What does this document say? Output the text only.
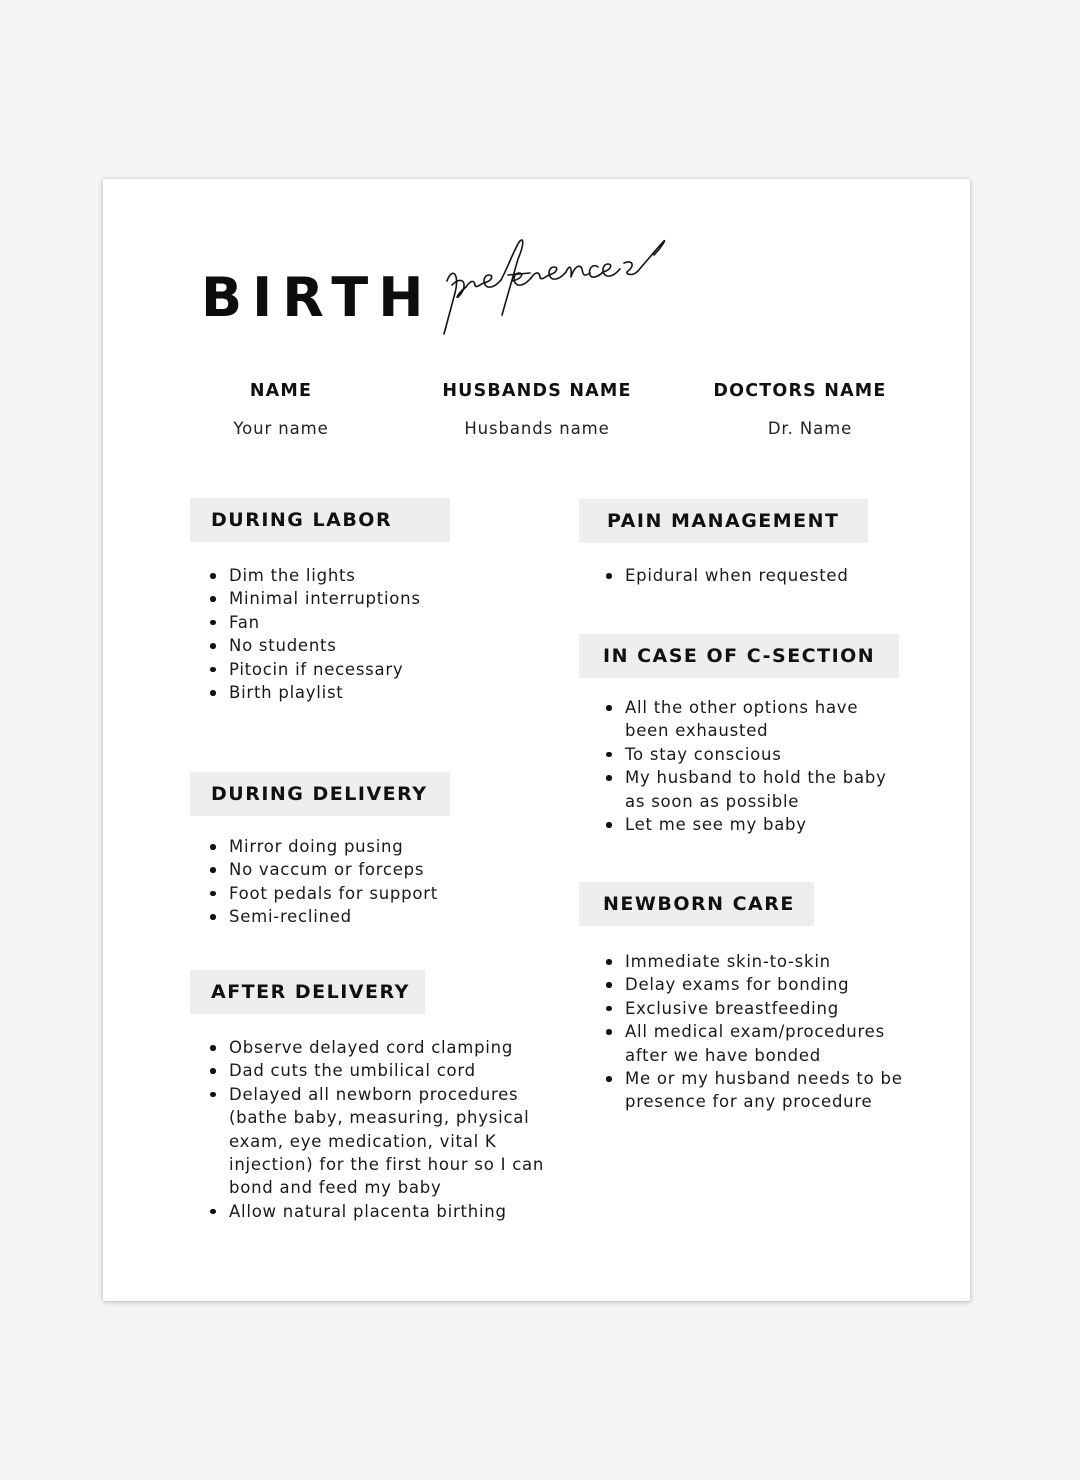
BIRTH
NAME
Your name
HUSBANDS NAME
Husbands name
DOCTORS NAME
Dr. Name
DURING LABOR
Dim the lights
Minimal interruptions
Fan
No students
Pitocin if necessary
Birth playlist
DURING DELIVERY
Mirror doing pusing
No vaccum or forceps
Foot pedals for support
Semi-reclined
AFTER DELIVERY
Observe delayed cord clamping
Dad cuts the umbilical cord
Delayed all newborn procedures (bathe baby, measuring, physical exam, eye medication, vital K injection) for the first hour so I can bond and feed my baby
Allow natural placenta birthing
PAIN MANAGEMENT
Epidural when requested
IN CASE OF C-SECTION
All the other options have been exhausted
To stay conscious
My husband to hold the baby as soon as possible
Let me see my baby
NEWBORN CARE
Immediate skin-to-skin
Delay exams for bonding
Exclusive breastfeeding
All medical exam/procedures after we have bonded
Me or my husband needs to be presence for any procedure
